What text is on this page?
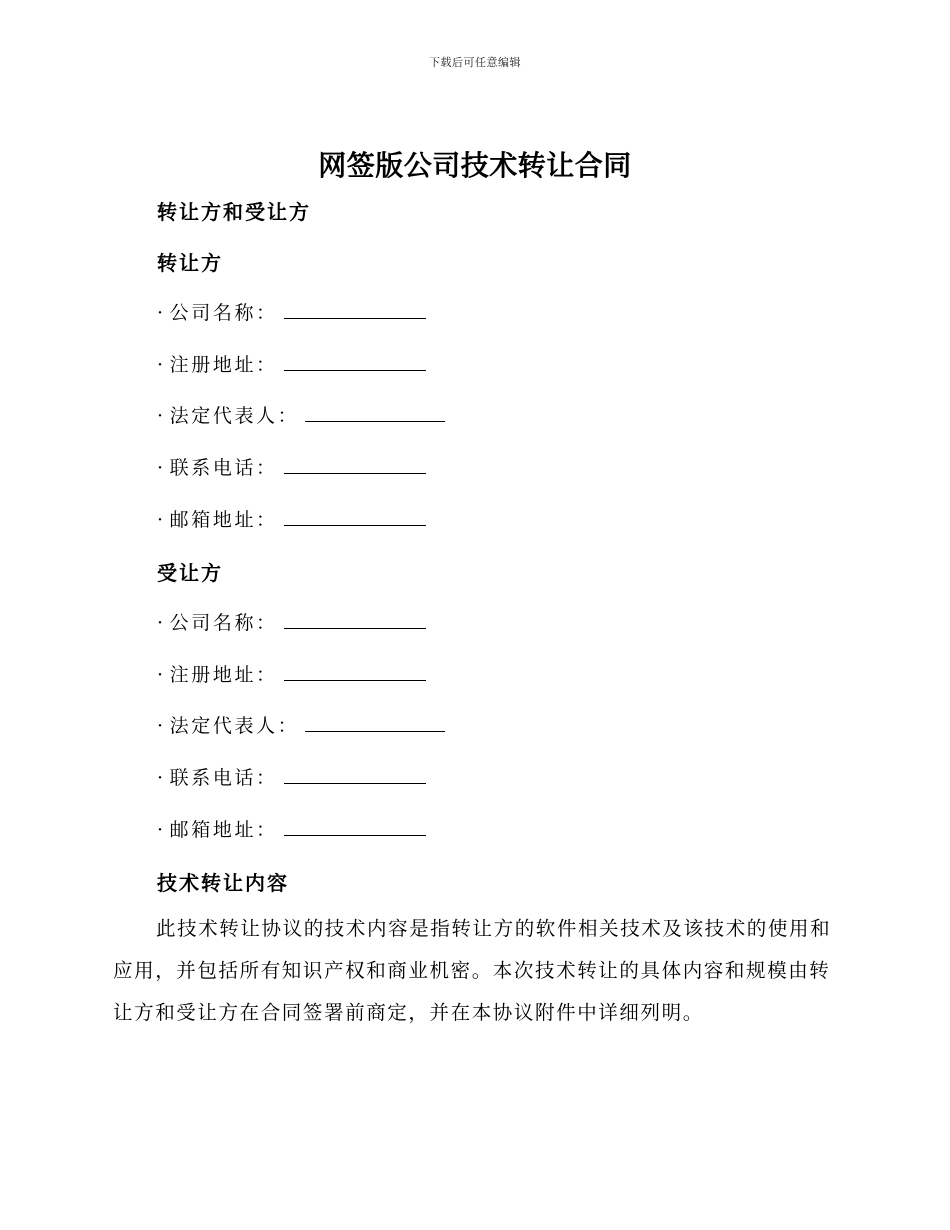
下载后可任意编辑
网签版公司技术转让合同
转让方和受让方
转让方
· 公司名称：
· 注册地址：
· 法定代表人：
· 联系电话：
· 邮箱地址：
受让方
· 公司名称：
· 注册地址：
· 法定代表人：
· 联系电话：
· 邮箱地址：
技术转让内容

此技术转让协议的技术内容是指转让方的软件相关技术及该技术的使用和应用，并包括所有知识产权和商业机密。本次技术转让的具体内容和规模由转让方和受让方在合同签署前商定，并在本协议附件中详细列明。
